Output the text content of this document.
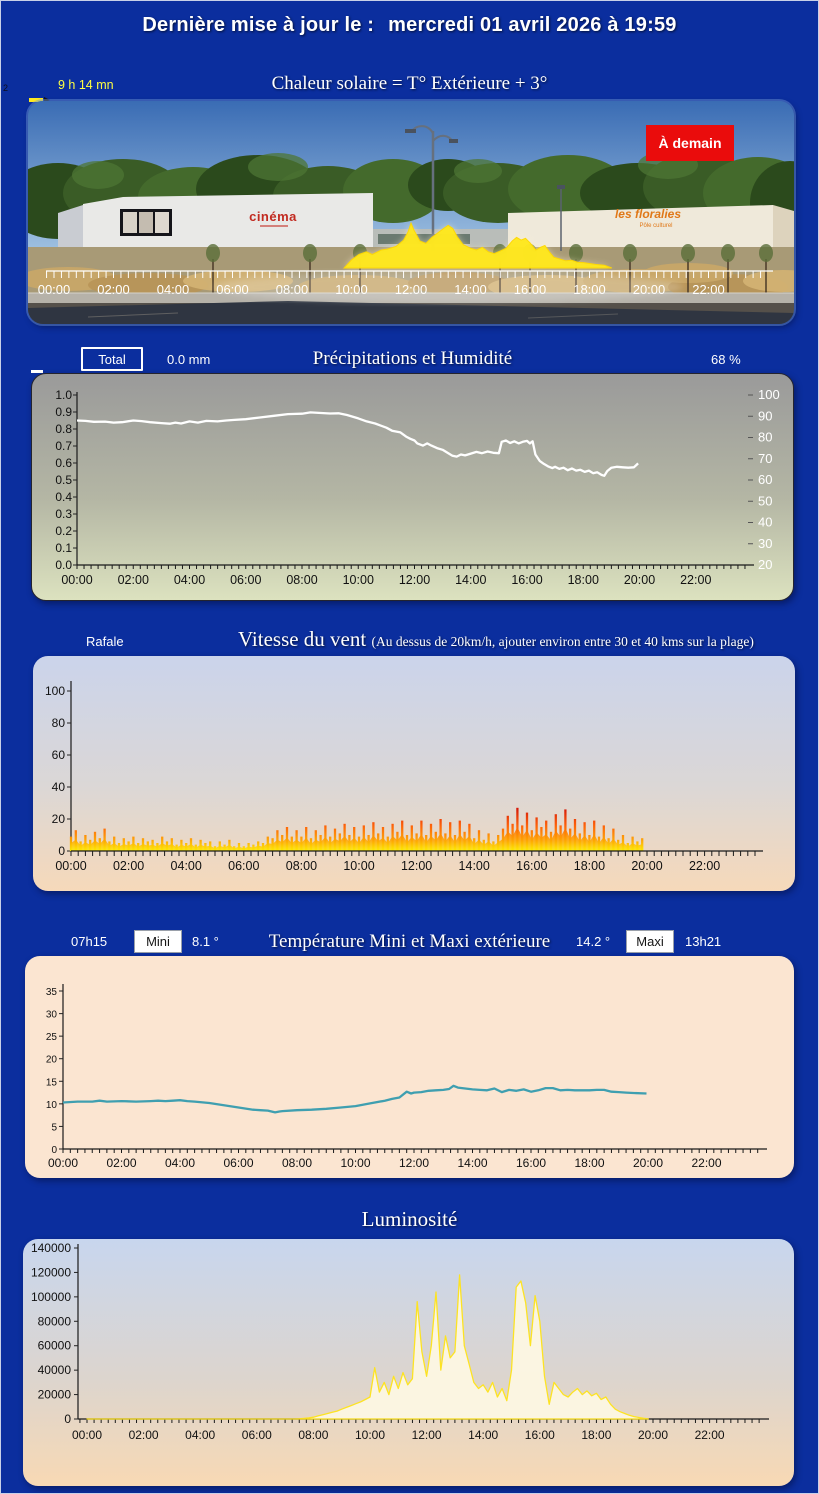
Dernière mise à jour le : mercredi 01 avril 2026 à 19:59
2	9 h 14 mn	Chaleur solaire = T° Extérieure + 3°
cinéma	les floralies
Pôle culturel
00:00 02:00 04:00 06:00 08:00 10:00 12:00 14:00 16:00 18:00 20:00 22:00
À demain
Total	0.0 mm	Précipitations et Humidité	68 %
1.0
0.9
0.8
0.7
0.6
0.5
0.4
0.3
0.2
0.1
0.0
100
90
80
70
60
50
40
30
20
00:00 02:00 04:00 06:00 08:00 10:00 12:00 14:00 16:00 18:00 20:00 22:00
Rafale	Vitesse du vent (Au dessus de 20km/h, ajouter environ entre 30 et 40 kms sur la plage)
100
80
60
40
20
0
00:00 02:00 04:00 06:00 08:00 10:00 12:00 14:00 16:00 18:00 20:00 22:00
07h15	Mini	8.1 °	Température Mini et Maxi extérieure	14.2 °	Maxi	13h21
35
30
25
20
15
10
5
0
00:00 02:00 04:00 06:00 08:00 10:00 12:00 14:00 16:00 18:00 20:00 22:00
Luminosité
140000
120000
100000
80000
60000
40000
20000
0
00:00 02:00 04:00 06:00 08:00 10:00 12:00 14:00 16:00 18:00 20:00 22:00
